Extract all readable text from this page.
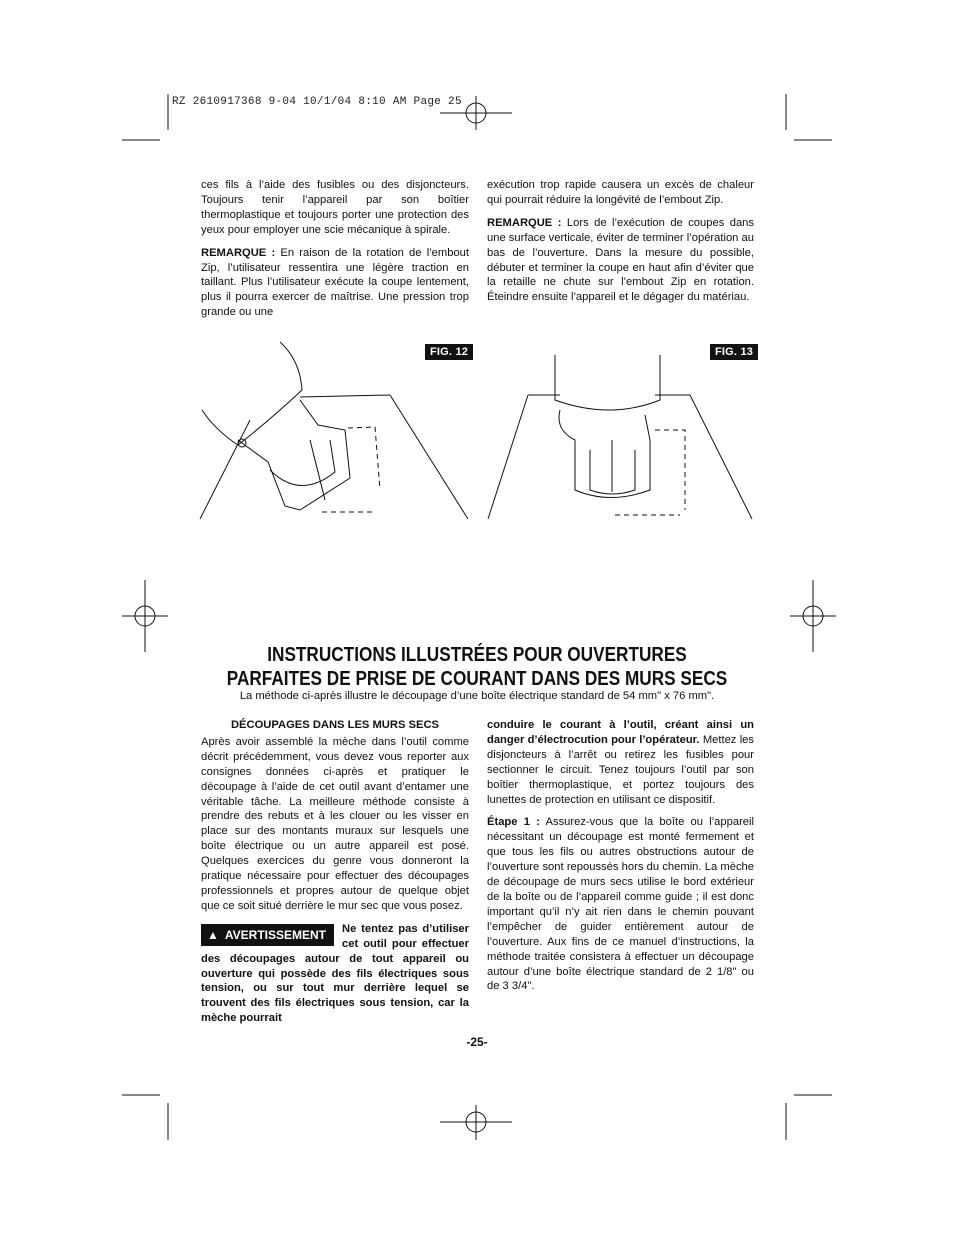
RZ 2610917368 9-04 10/1/04 8:10 AM Page 25

ces fils à l’aide des fusibles ou des disjoncteurs. Toujours tenir l’appareil par son boîtier thermoplastique et toujours porter une protection des yeux pour employer une scie mécanique à spirale.

REMARQUE : En raison de la rotation de l’embout Zip, l’utilisateur ressentira une légère traction en taillant. Plus l’utilisateur exécute la coupe lentement, plus il pourra exercer de maîtrise. Une pression trop grande ou une

exécution trop rapide causera un excès de chaleur qui pourrait réduire la longévité de l’embout Zip.

REMARQUE : Lors de l’exécution de coupes dans une surface verticale, éviter de terminer l’opération au bas de l’ouverture. Dans la mesure du possible, débuter et terminer la coupe en haut afin d’éviter que la retaille ne chute sur l’embout Zip en rotation. Éteindre ensuite l’appareil et le dégager du matériau.

FIG. 12	FIG. 13
INSTRUCTIONS ILLUSTRÉES POUR OUVERTURES
PARFAITES DE PRISE DE COURANT DANS DES MURS SECS
La méthode ci-après illustre le découpage d’une boîte électrique standard de 54 mm" x 76 mm".
DÉCOUPAGES DANS LES MURS SECS

Après avoir assemblé la mèche dans l’outil comme décrit précédemment, vous devez vous reporter aux consignes données ci-après et pratiquer le découpage à l’aide de cet outil avant d’entamer une véritable tâche. La meilleure méthode consiste à prendre des rebuts et à les clouer ou les visser en place sur des montants muraux sur lesquels une boîte électrique ou un autre appareil est posé. Quelques exercices du genre vous donneront la pratique nécessaire pour effectuer des découpages professionnels et propres autour de quelque objet que ce soit situé derrière le mur sec que vous posez.

▲ AVERTISSEMENT	Ne tentez pas d’utiliser cet outil pour effectuer des découpages autour de tout appareil ou ouverture qui possède des fils électriques sous tension, ou sur tout mur derrière lequel se trouvent des fils électriques sous tension, car la mèche pourrait

conduire le courant à l’outil, créant ainsi un danger d’électrocution pour l’opérateur. Mettez les disjoncteurs à l’arrêt ou retirez les fusibles pour sectionner le circuit. Tenez toujours l’outil par son boîtier thermoplastique, et portez toujours des lunettes de protection en utilisant ce dispositif.

Étape 1 : Assurez-vous que la boîte ou l’appareil nécessitant un découpage est monté fermement et que tous les fils ou autres obstructions autour de l’ouverture sont repoussés hors du chemin. La mèche de découpage de murs secs utilise le bord extérieur de la boîte ou de l’appareil comme guide ; il est donc important qu’il n’y ait rien dans le chemin pouvant l’empêcher de guider entièrement autour de l’ouverture. Aux fins de ce manuel d’instructions, la méthode traitée consistera à effectuer un découpage autour d’une boîte électrique standard de 2 1/8" ou de 3 3/4".

-25-
